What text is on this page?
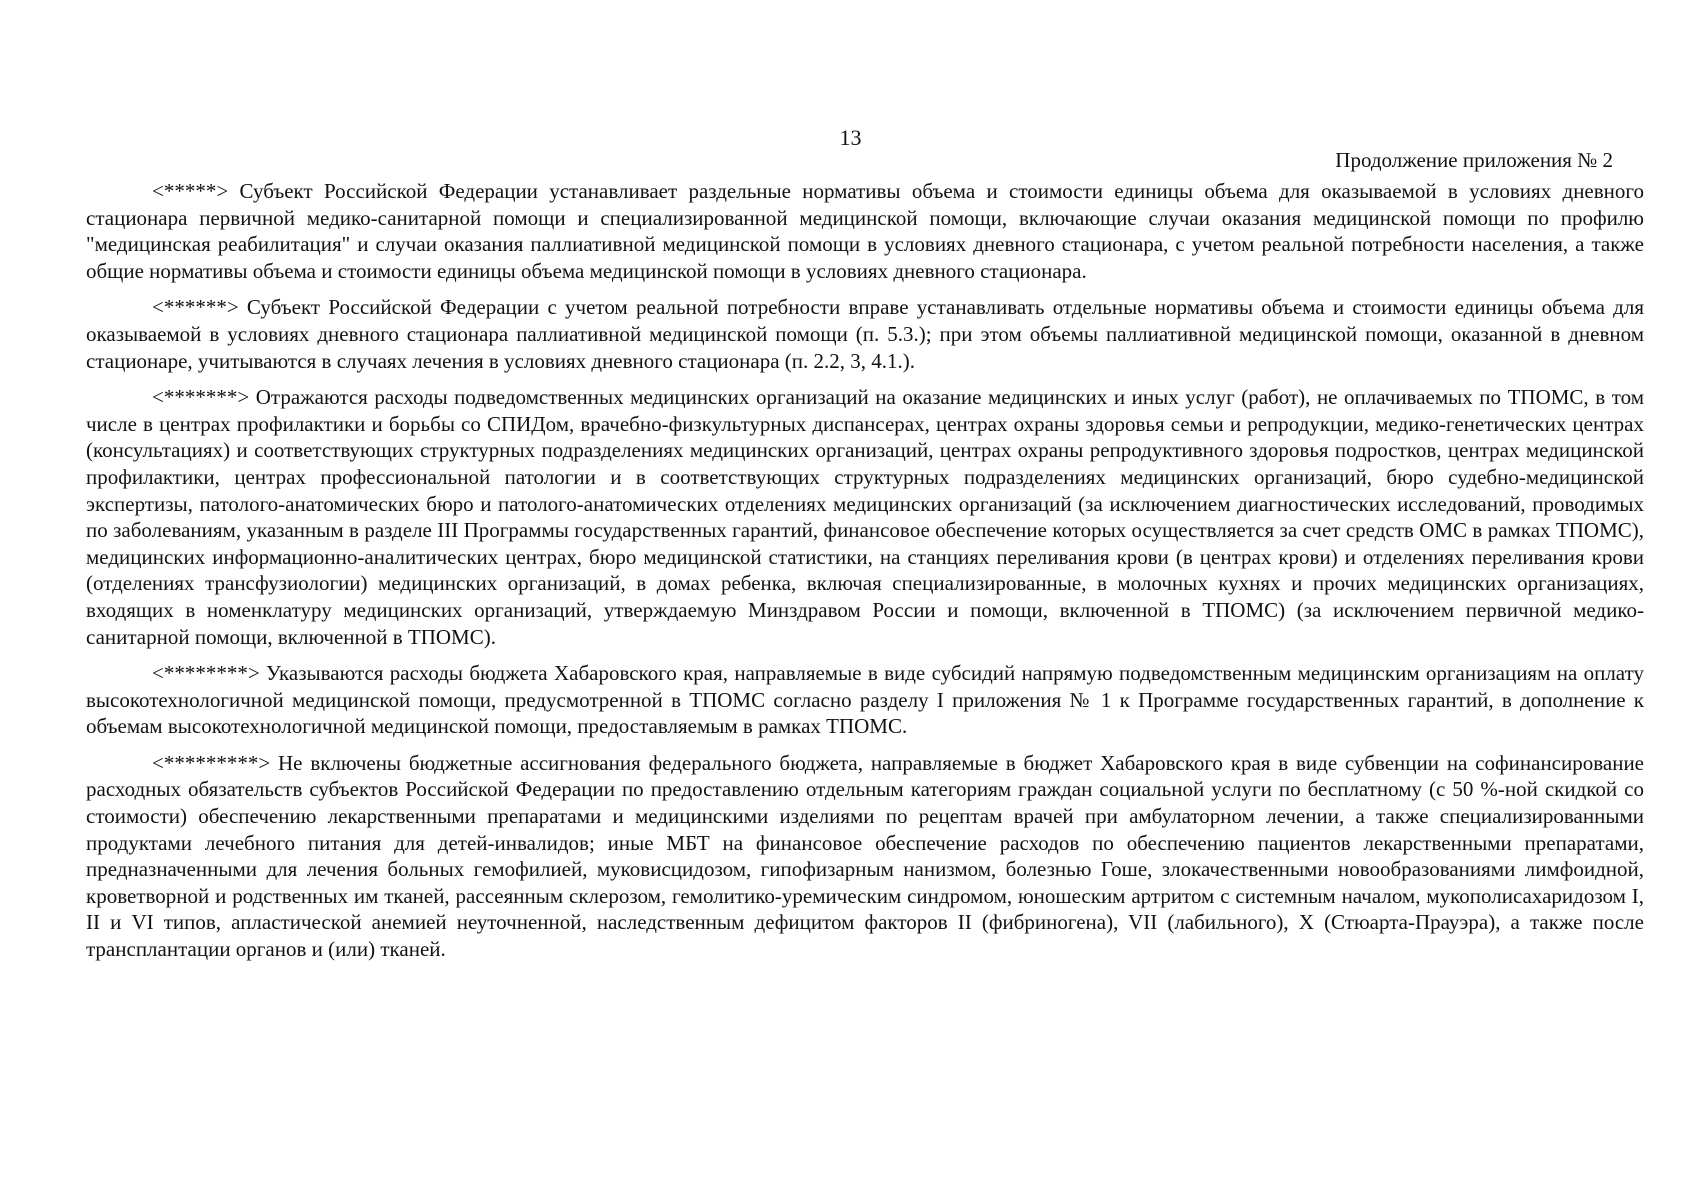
13
Продолжение приложения № 2

<*****> Субъект Российской Федерации устанавливает раздельные нормативы объема и стоимости единицы объема для оказываемой в условиях дневного стационара первичной медико-санитарной помощи и специализированной медицинской помощи, включающие случаи оказания медицинской помощи по профилю "медицинская реабилитация" и случаи оказания паллиативной медицинской помощи в условиях дневного стационара, с учетом реальной потребности населения, а также общие нормативы объема и стоимости единицы объема медицинской помощи в условиях дневного стационара.

<******> Субъект Российской Федерации с учетом реальной потребности вправе устанавливать отдельные нормативы объема и стоимости единицы объема для оказываемой в условиях дневного стационара паллиативной медицинской помощи (п. 5.3.); при этом объемы паллиативной медицинской помощи, оказанной в дневном стационаре, учитываются в случаях лечения в условиях дневного стационара (п. 2.2, 3, 4.1.).

<*******> Отражаются расходы подведомственных медицинских организаций на оказание медицинских и иных услуг (работ), не оплачиваемых по ТПОМС, в том числе в центрах профилактики и борьбы со СПИДом, врачебно-физкультурных диспансерах, центрах охраны здоровья семьи и репродукции, медико-генетических центрах (консультациях) и соответствующих структурных подразделениях медицинских организаций, центрах охраны репродуктивного здоровья подростков, центрах медицинской профилактики, центрах профессиональной патологии и в соответствующих структурных подразделениях медицинских организаций, бюро судебно-медицинской экспертизы, патолого-анатомических бюро и патолого-анатомических отделениях медицинских организаций (за исключением диагностических исследований, проводимых по заболеваниям, указанным в разделе III Программы государственных гарантий, финансовое обеспечение которых осуществляется за счет средств ОМС в рамках ТПОМС), медицинских информационно-аналитических центрах, бюро медицинской статистики, на станциях переливания крови (в центрах крови) и отделениях переливания крови (отделениях трансфузиологии) медицинских организаций, в домах ребенка, включая специализированные, в молочных кухнях и прочих медицинских организациях, входящих в номенклатуру медицинских организаций, утверждаемую Минздравом России и помощи, включенной в ТПОМС) (за исключением первичной медико-санитарной помощи, включенной в ТПОМС).

<********> Указываются расходы бюджета Хабаровского края, направляемые в виде субсидий напрямую подведомственным медицинским организациям на оплату высокотехнологичной медицинской помощи, предусмотренной в ТПОМС согласно разделу I приложения № 1 к Программе государственных гарантий, в дополнение к объемам высокотехнологичной медицинской помощи, предоставляемым в рамках ТПОМС.

<*********> Не включены бюджетные ассигнования федерального бюджета, направляемые в бюджет Хабаровского края в виде субвенции на софинансирование расходных обязательств субъектов Российской Федерации по предоставлению отдельным категориям граждан социальной услуги по бесплатному (с 50 %-ной скидкой со стоимости) обеспечению лекарственными препаратами и медицинскими изделиями по рецептам врачей при амбулаторном лечении, а также специализированными продуктами лечебного питания для детей-инвалидов; иные МБТ на финансовое обеспечение расходов по обеспечению пациентов лекарственными препаратами, предназначенными для лечения больных гемофилией, муковисцидозом, гипофизарным нанизмом, болезнью Гоше, злокачественными новообразованиями лимфоидной, кроветворной и родственных им тканей, рассеянным склерозом, гемолитико-уремическим синдромом, юношеским артритом с системным началом, мукополисахаридозом I, II и VI типов, апластической анемией неуточненной, наследственным дефицитом факторов II (фибриногена), VII (лабильного), X (Стюарта-Прауэра), а также после трансплантации органов и (или) тканей.
